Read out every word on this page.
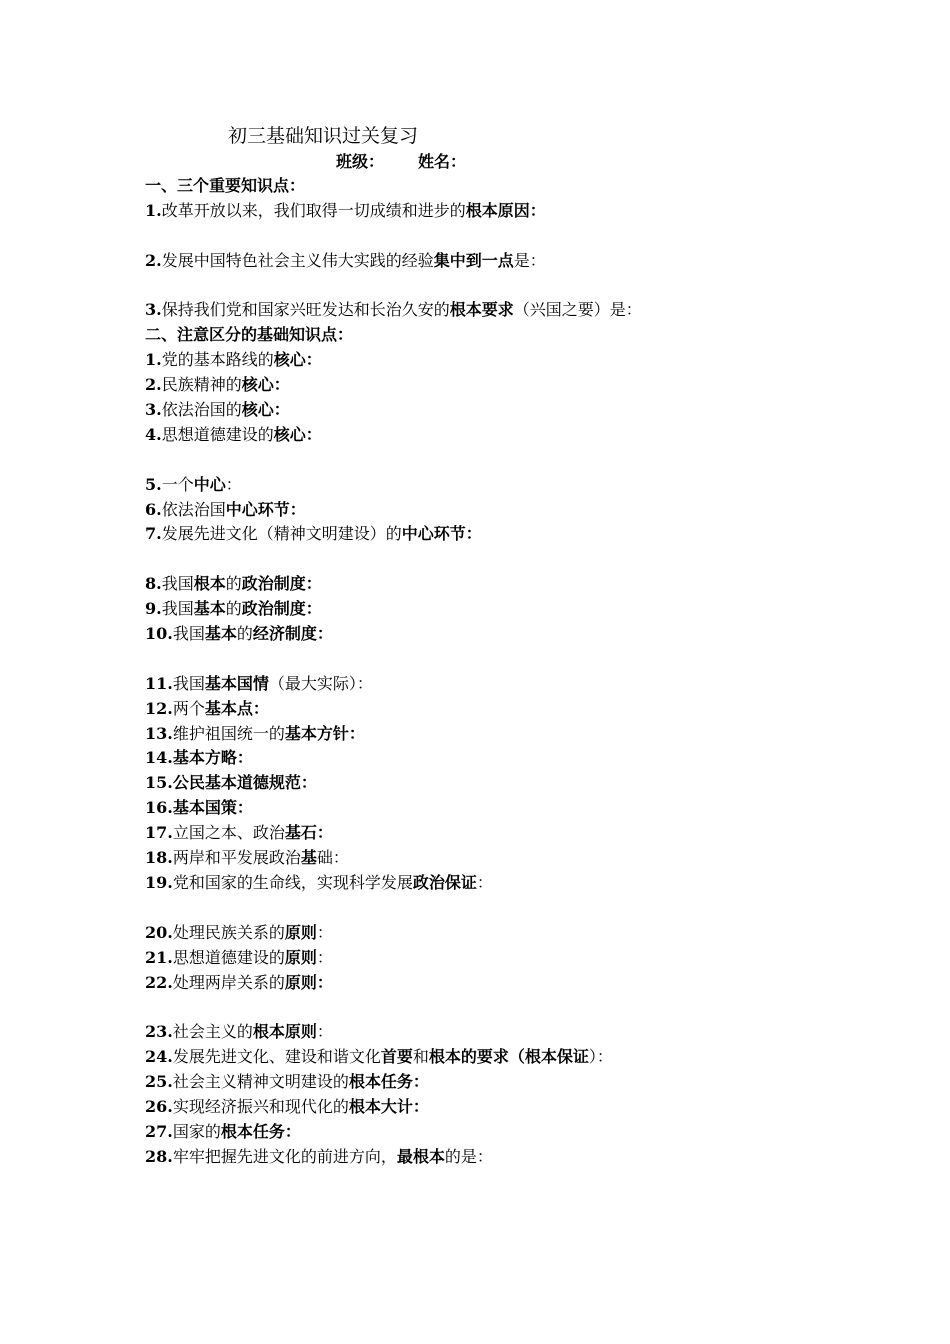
初三基础知识过关复习
班级： 姓名：
一、三个重要知识点：
1.改革开放以来，我们取得一切成绩和进步的根本原因：
2.发展中国特色社会主义伟大实践的经验集中到一点是：
3.保持我们党和国家兴旺发达和长治久安的根本要求（兴国之要）是：
二、注意区分的基础知识点：
1.党的基本路线的核心：
2.民族精神的核心：
3.依法治国的核心：
4.思想道德建设的核心：
5.一个中心：
6.依法治国中心环节：
7.发展先进文化（精神文明建设）的中心环节：
8.我国根本的政治制度：
9.我国基本的政治制度：
10.我国基本的经济制度：
11.我国基本国情（最大实际）：
12.两个基本点：
13.维护祖国统一的基本方针：
14.基本方略：
15.公民基本道德规范：
16.基本国策：
17.立国之本、政治基石：
18.两岸和平发展政治基础：
19.党和国家的生命线，实现科学发展政治保证：
20.处理民族关系的原则：
21.思想道德建设的原则：
22.处理两岸关系的原则：
23.社会主义的根本原则：
24.发展先进文化、建设和谐文化首要和根本的要求（根本保证）：
25.社会主义精神文明建设的根本任务：
26.实现经济振兴和现代化的根本大计：
27.国家的根本任务：
28.牢牢把握先进文化的前进方向，最根本的是：
